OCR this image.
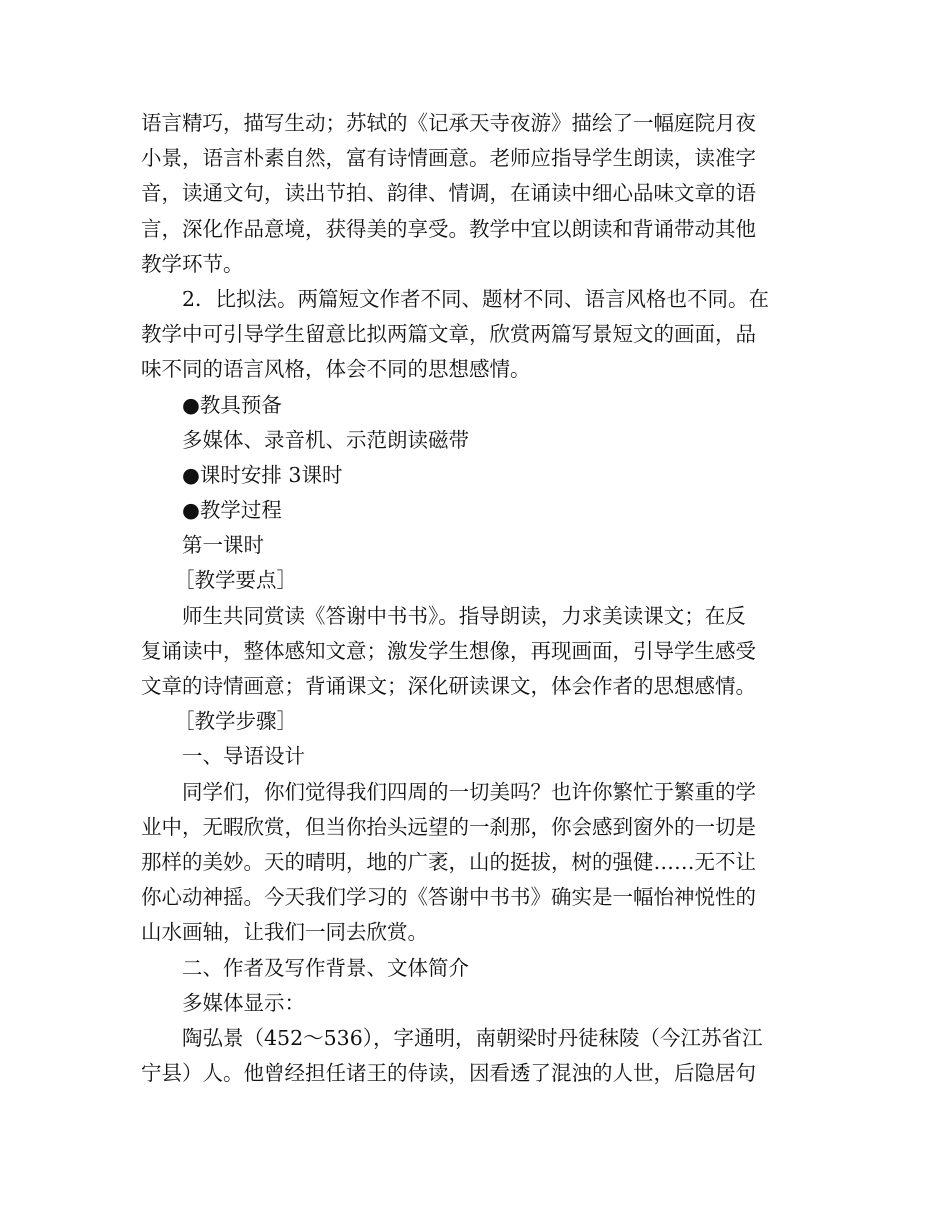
语言精巧，描写生动；苏轼的《记承天寺夜游》描绘了一幅庭院月夜
小景，语言朴素自然，富有诗情画意。老师应指导学生朗读，读准字
音，读通文句，读出节拍、韵律、情调，在诵读中细心品味文章的语
言，深化作品意境，获得美的享受。教学中宜以朗读和背诵带动其他
教学环节。
2．比拟法。两篇短文作者不同、题材不同、语言风格也不同。在
教学中可引导学生留意比拟两篇文章，欣赏两篇写景短文的画面，品
味不同的语言风格，体会不同的思想感情。
●教具预备
多媒体、录音机、示范朗读磁带
●课时安排 3课时
●教学过程
第一课时
［教学要点］
师生共同赏读《答谢中书书》。指导朗读，力求美读课文；在反
复诵读中，整体感知文意；激发学生想像，再现画面，引导学生感受
文章的诗情画意；背诵课文；深化研读课文，体会作者的思想感情。
［教学步骤］
一、导语设计
同学们，你们觉得我们四周的一切美吗？也许你繁忙于繁重的学
业中，无暇欣赏，但当你抬头远望的一刹那，你会感到窗外的一切是
那样的美妙。天的晴明，地的广袤，山的挺拔，树的强健……无不让
你心动神摇。今天我们学习的《答谢中书书》确实是一幅怡神悦性的
山水画轴，让我们一同去欣赏。
二、作者及写作背景、文体简介
多媒体显示：
陶弘景（452～536），字通明，南朝梁时丹徒秣陵（今江苏省江
宁县）人。他曾经担任诸王的侍读，因看透了混浊的人世，后隐居句
